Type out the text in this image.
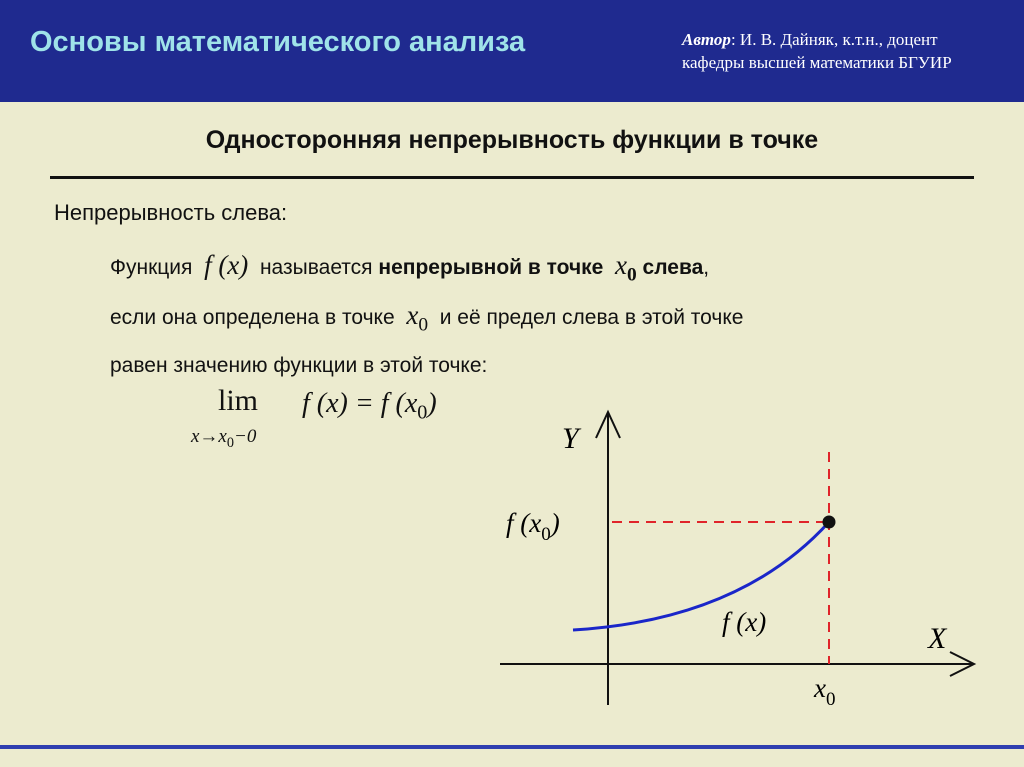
Основы математического анализа	Автор: И. В. Дайняк, к.т.н., доцент
кафедры высшей математики БГУИР
Односторонняя непрерывность функции в точке
Непрерывность слева:
Функция f (x) называется непрерывной в точке $x_0$ слева,
если она определена в точке $x_0$ и её предел слева в этой точке
равен значению функции в этой точке:
lim
$x\to x_0-0$
f (x) = f $(x_0)$
Y
X
f $(x_0)$
f (x)
$x_0$
